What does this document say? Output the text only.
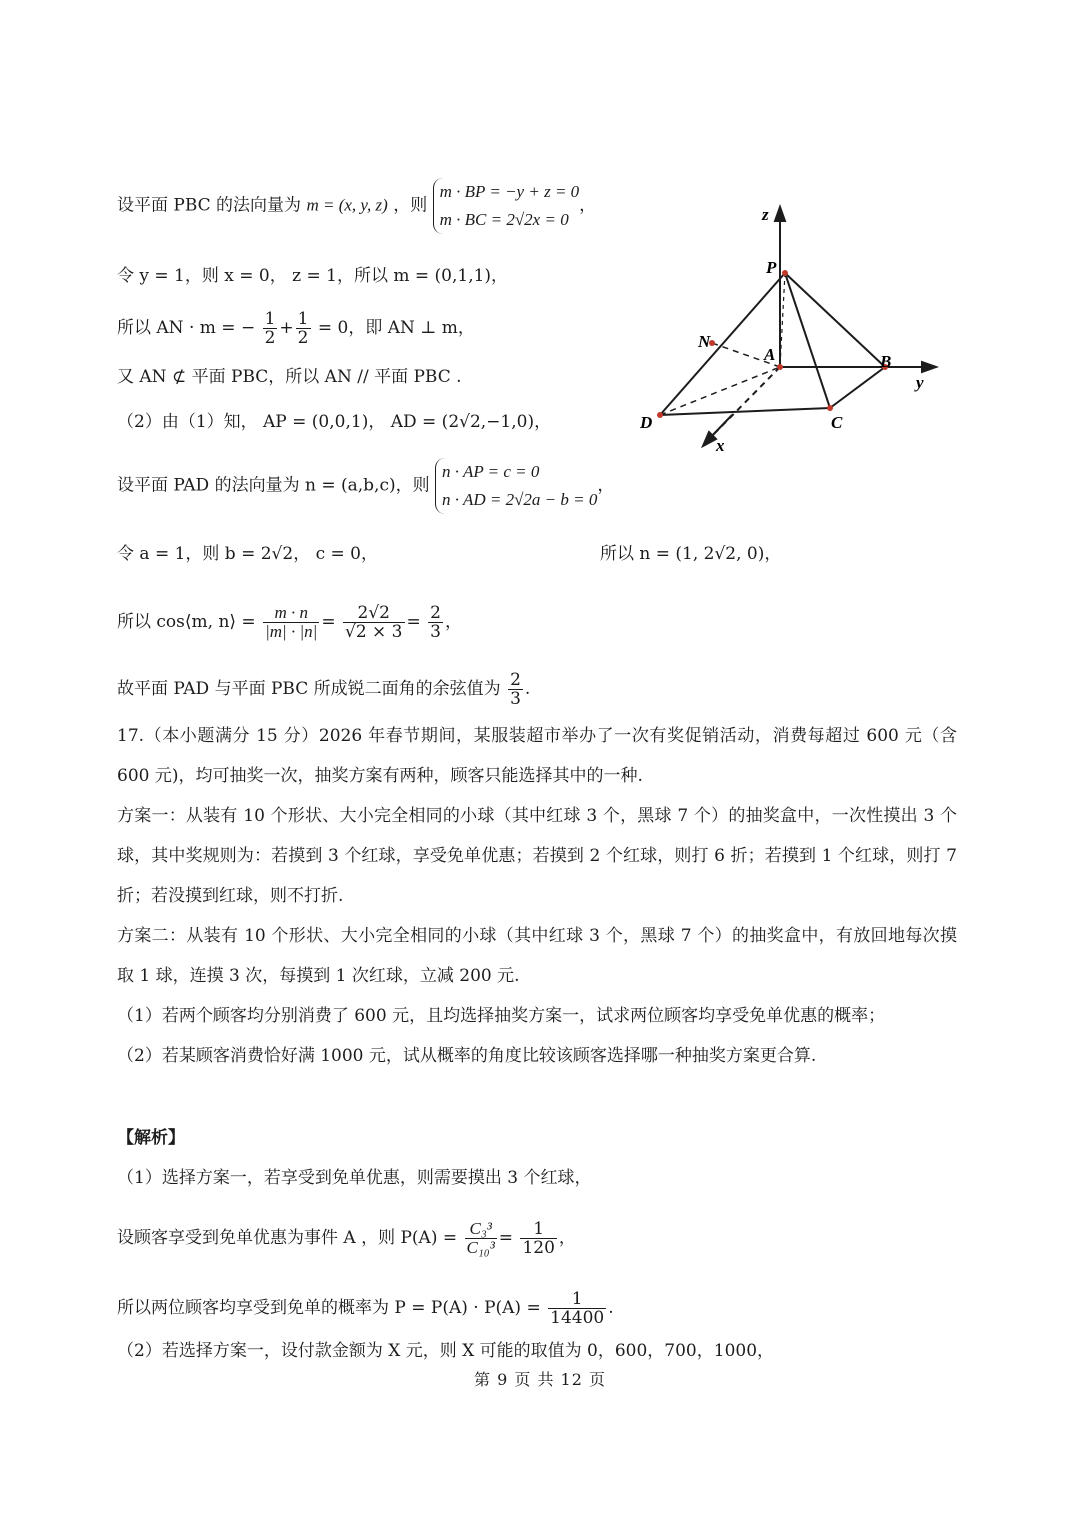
设平面 PBC 的法向量为 m = (x, y, z) ，则
m · BP = −y + z = 0
m · BC = 2√2x = 0
，
令 y = 1，则 x = 0， z = 1，所以 m = (0,1,1)，
所以 AN · m = − $\frac{1}{2} + \frac{1}{2} = 0$，即 AN ⊥ m，
又 AN ⊄ 平面 PBC，所以 AN // 平面 PBC .
（2）由（1）知， AP = (0,0,1)， AD = (2√2,−1,0)，
设平面 PAD 的法向量为 n = (a,b,c)，则
n · AP = c = 0
n · AD = 2√2a − b = 0
，
令 a = 1，则 b = 2√2， c = 0，	所以 n = (1, 2√2, 0)，
所以 cos⟨m, n⟩ = $\frac{m \cdot n}{|m| \cdot |n|} = \frac{2√2}{√2 \times 3} = \frac{2}{3}$ ，
故平面 PAD 与平面 PBC 所成锐二面角的余弦值为 $\frac{2}{3}$ .
z
P
N
A	B
y
D	C
x
17.（本小题满分 15 分）2026 年春节期间，某服装超市举办了一次有奖促销活动，消费每超过 600 元（含 600 元)，均可抽奖一次，抽奖方案有两种，顾客只能选择其中的一种.
方案一：从装有 10 个形状、大小完全相同的小球（其中红球 3 个，黑球 7 个）的抽奖盒中，一次性摸出 3 个球，其中奖规则为：若摸到 3 个红球，享受免单优惠；若摸到 2 个红球，则打 6 折；若摸到 1 个红球，则打 7 折；若没摸到红球，则不打折.
方案二：从装有 10 个形状、大小完全相同的小球（其中红球 3 个，黑球 7 个）的抽奖盒中，有放回地每次摸取 1 球，连摸 3 次，每摸到 1 次红球，立减 200 元.
（1）若两个顾客均分别消费了 600 元，且均选择抽奖方案一，试求两位顾客均享受免单优惠的概率；
（2）若某顾客消费恰好满 1000 元，试从概率的角度比较该顾客选择哪一种抽奖方案更合算.
【解析】
（1）选择方案一，若享受到免单优惠，则需要摸出 3 个红球，
设顾客享受到免单优惠为事件 A ，则 $P(A) = \frac{\text{C₃³}}{\text{C₁₀³}} = \frac{1}{120}$ ，
所以两位顾客均享受到免单的概率为 $P = P(A) \cdot P(A) = \frac{1}{14400}$ .
（2）若选择方案一，设付款金额为 X 元，则 X 可能的取值为 0，600，700，1000，
第 9 页 共 12 页
